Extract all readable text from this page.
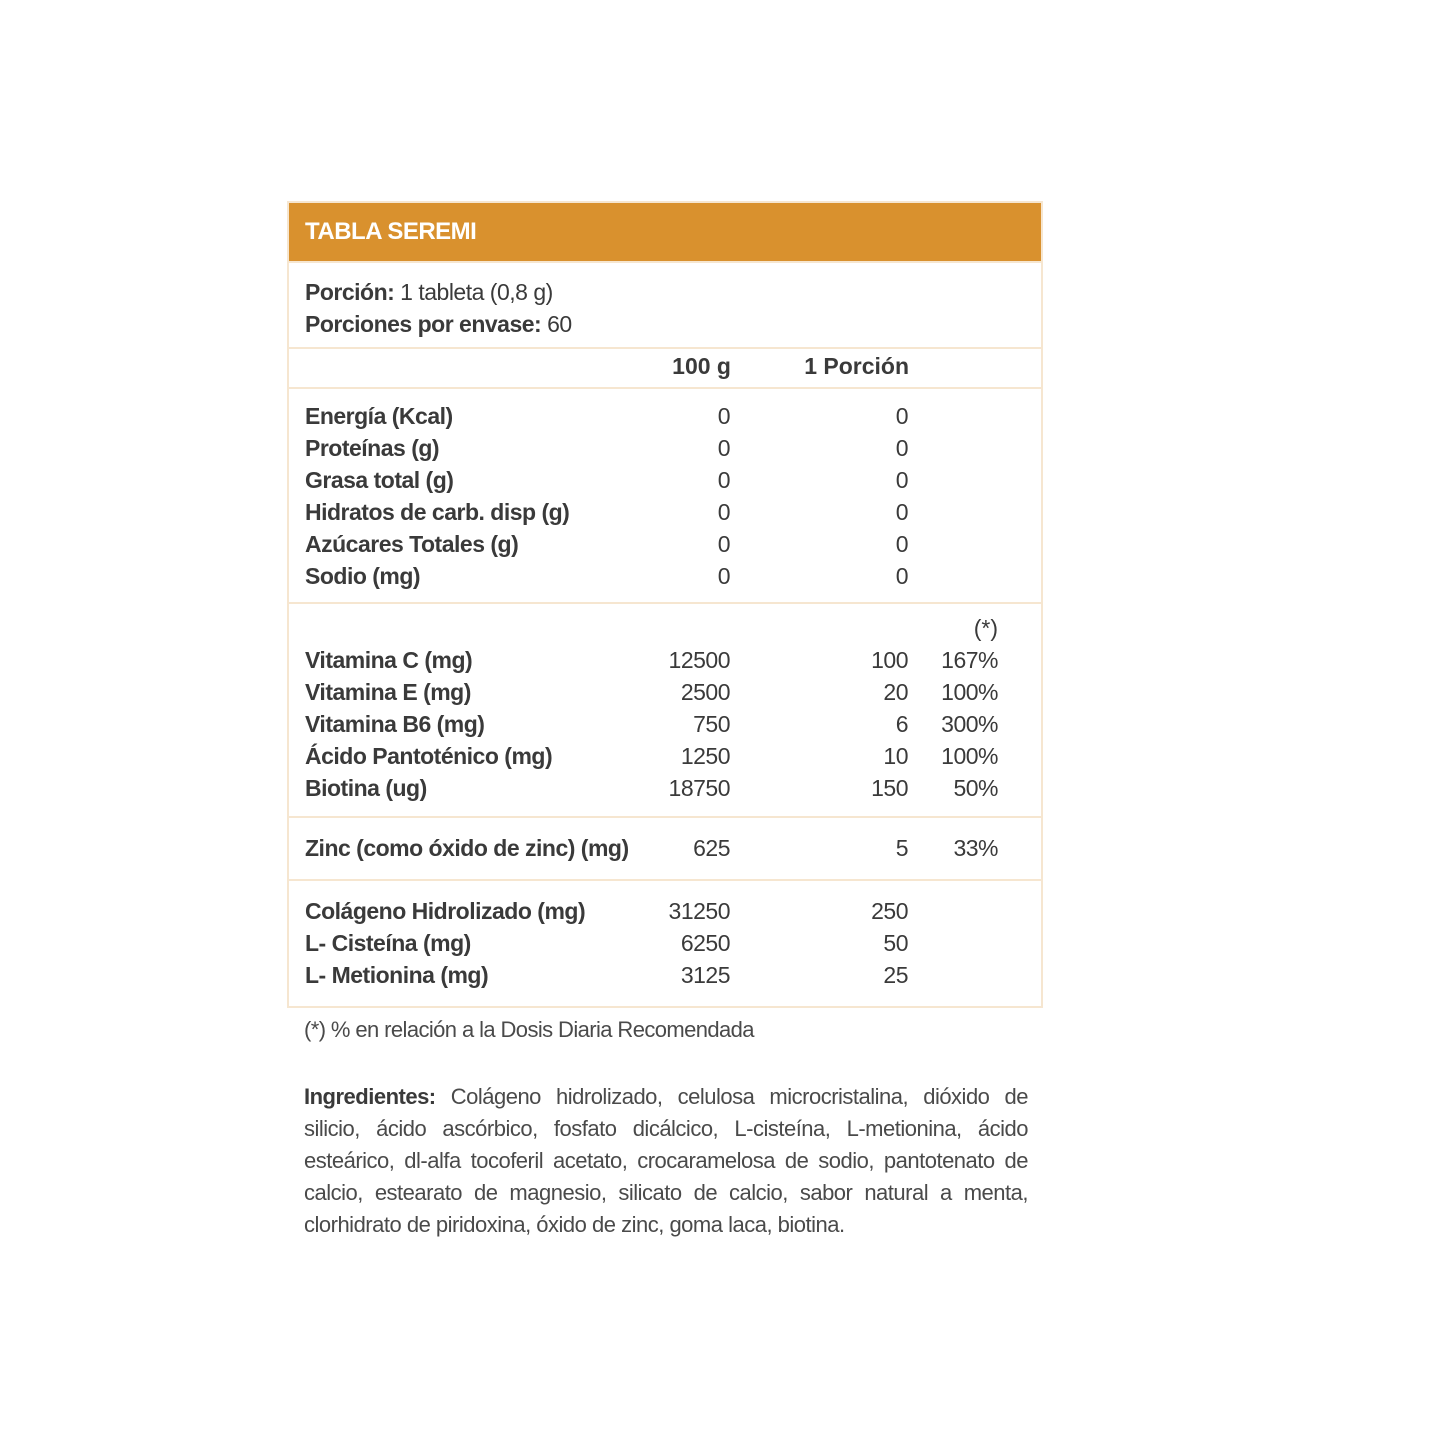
TABLA SEREMI
Porción: 1 tableta (0,8 g)
Porciones por envase: 60
100 g	1 Porción
Energía (Kcal)	0	0
Proteínas (g)	0	0
Grasa total (g)	0	0
Hidratos de carb. disp (g)	0	0
Azúcares Totales (g)	0	0
Sodio (mg)	0	0
(*)
Vitamina C (mg)	12500	100 167%
Vitamina E (mg)	2500	20 100%
Vitamina B6 (mg)	750	6 300%
Ácido Pantoténico (mg)	1250	10 100%
Biotina (ug)	18750	150 50%
Zinc (como óxido de zinc) (mg)	625	5 33%
Colágeno Hidrolizado (mg)	31250	250
L- Cisteína (mg)	6250	50
L- Metionina (mg)	3125	25
(*) % en relación a la Dosis Diaria Recomendada
Ingredientes: Colágeno hidrolizado, celulosa microcristalina, dióxido de silicio, ácido ascórbico, fosfato dicálcico, L-cisteína, L-metionina, ácido esteárico, dl-alfa tocoferil acetato, crocaramelosa de sodio, pantotenato de calcio, estearato de magnesio, silicato de calcio, sabor natural a menta, clorhidrato de piridoxina, óxido de zinc, goma laca, biotina.
